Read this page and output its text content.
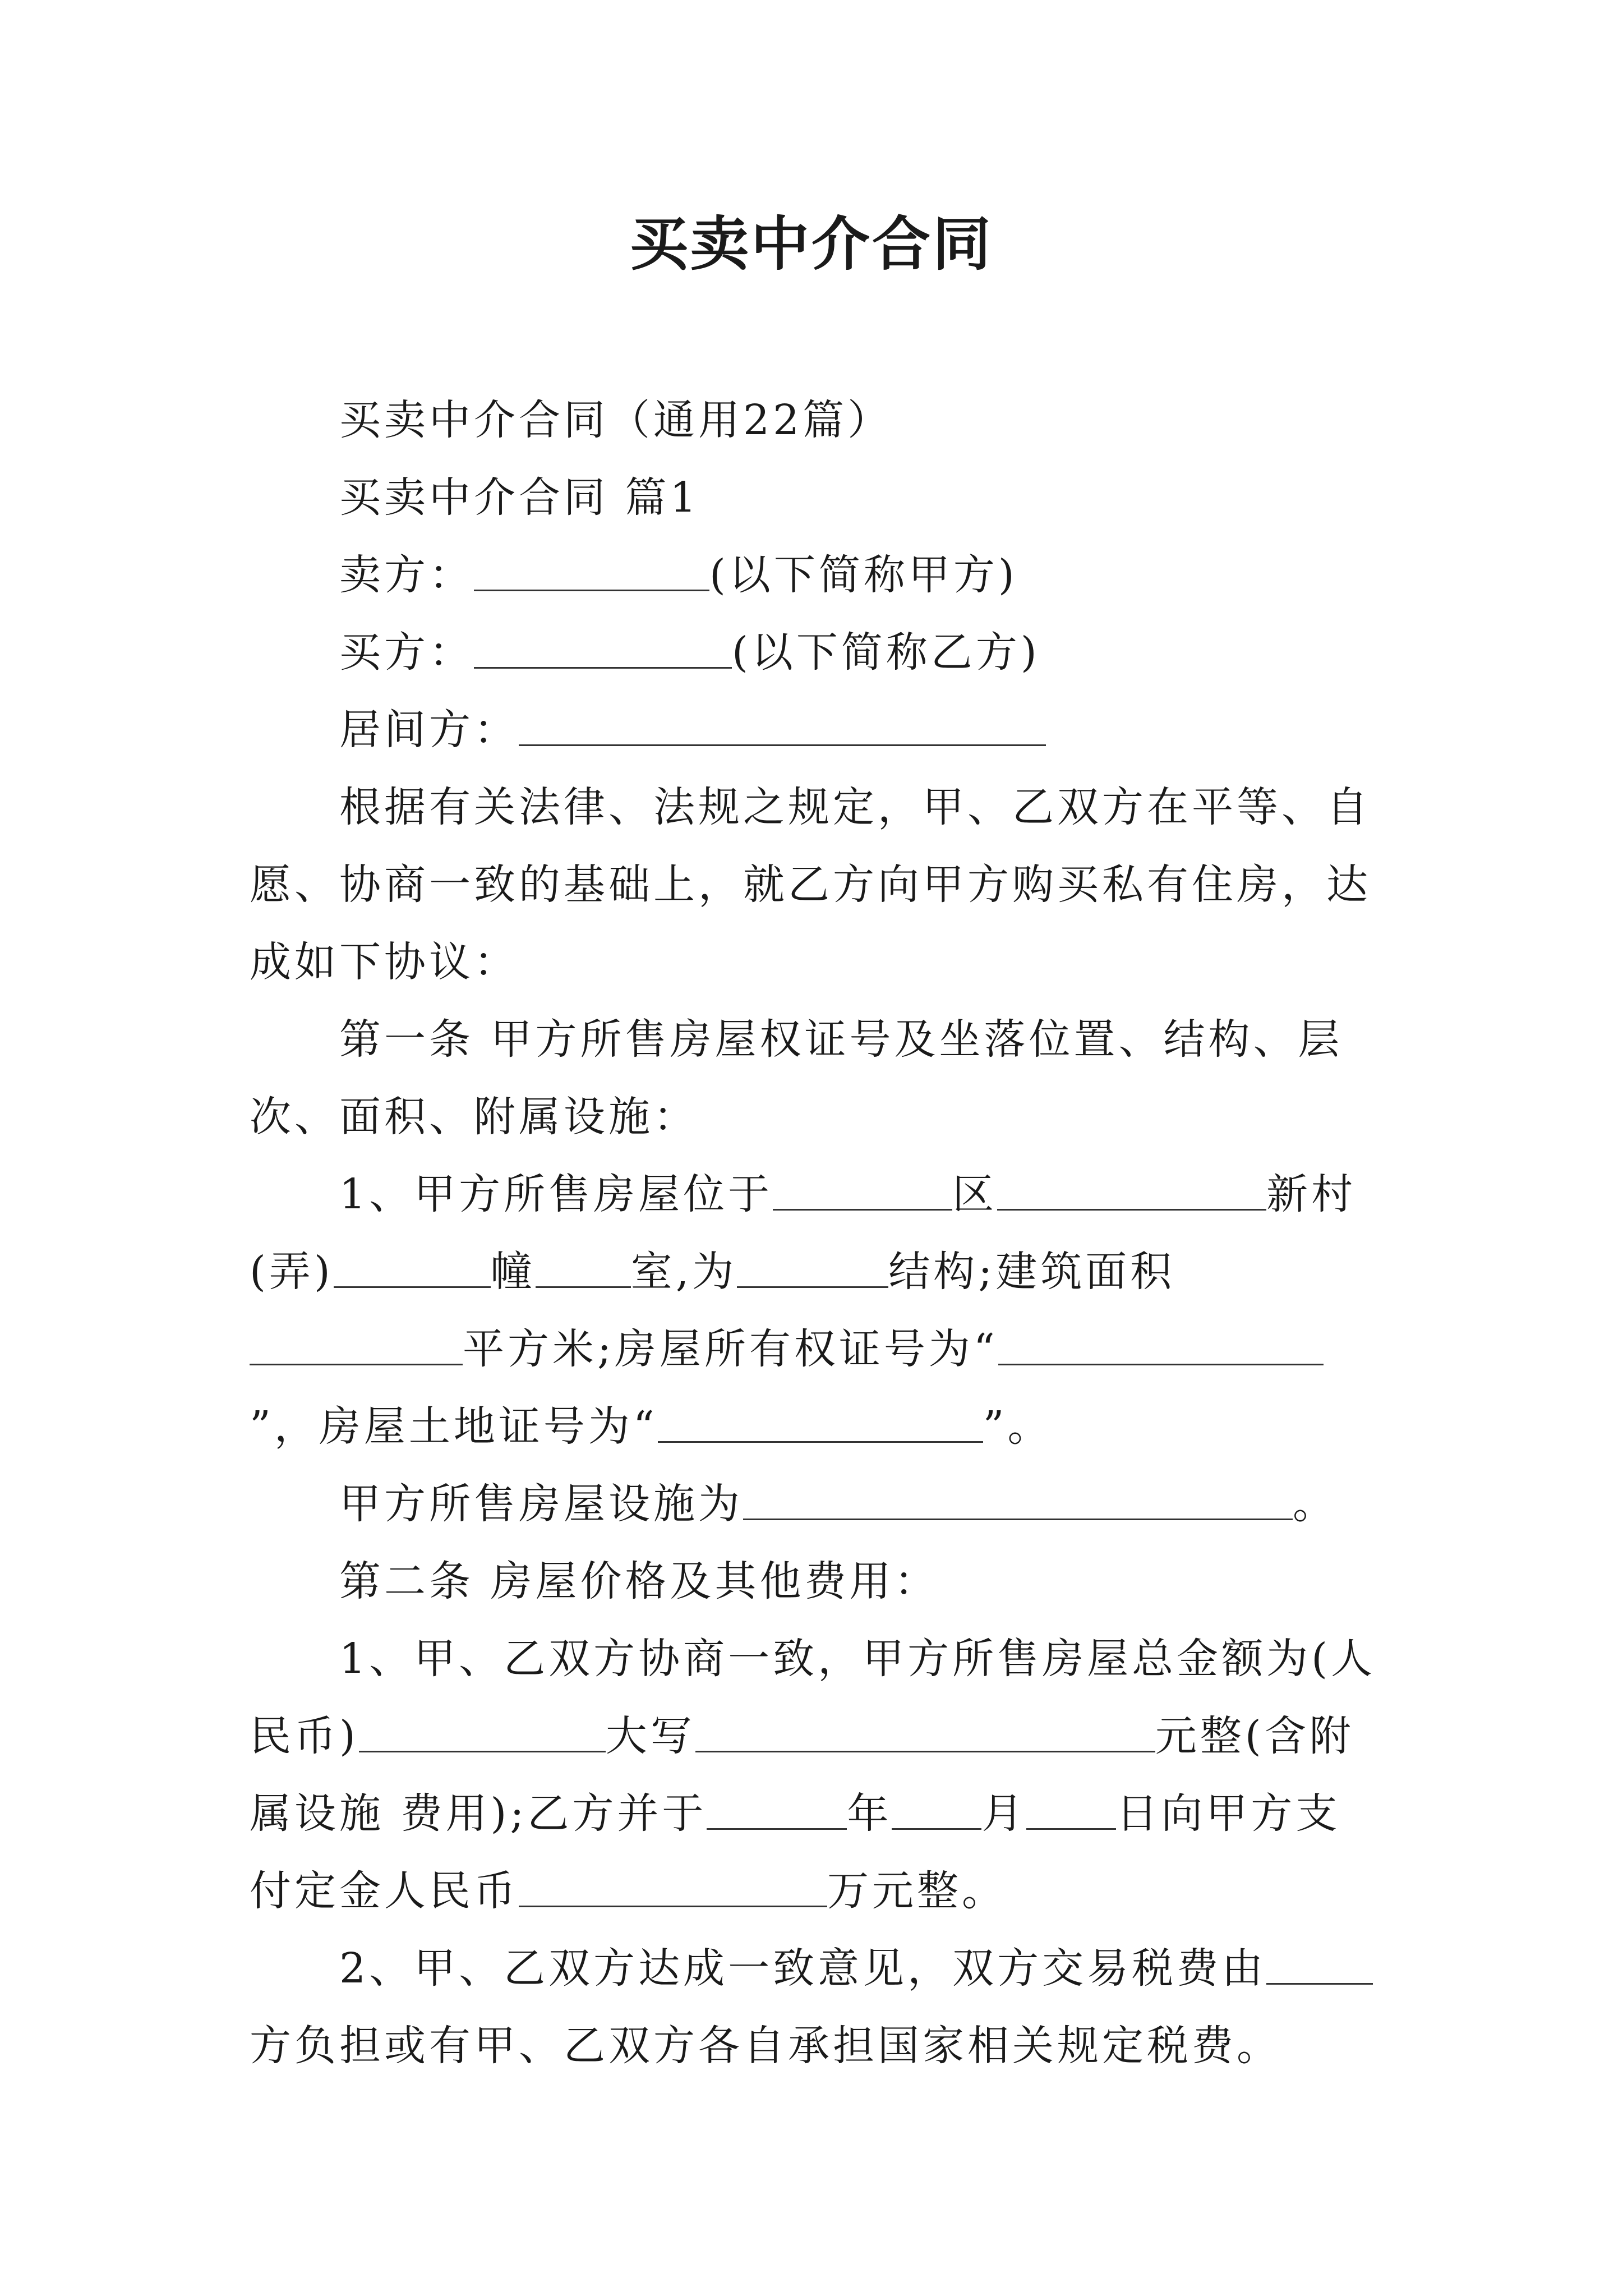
买卖中介合同

买卖中介合同（通用22篇）

买卖中介合同 篇1

卖方：	(以下简称甲方)

买方：	(以下简称乙方)

居间方：

根据有关法律、法规之规定，甲、乙双方在平等、自愿、协商一致的基础上，就乙方向甲方购买私有住房，达成如下协议：

第一条 甲方所售房屋权证号及坐落位置、结构、层次、面积、附属设施：

1、甲方所售房屋位于	区	新村(弄)	幢 室,为	结构;建筑面积平方米;房屋所有权证号为“”，房屋土地证号为“	”。

甲方所售房屋设施为	。

第二条 房屋价格及其他费用：

1、甲、乙双方协商一致，甲方所售房屋总金额为(人民币)	大写	元整(含附属设施 费用);乙方并于	年 月 日向甲方支付定金人民币	万元整。

2、甲、乙双方达成一致意见，双方交易税费由方负担或有甲、乙双方各自承担国家相关规定税费。
